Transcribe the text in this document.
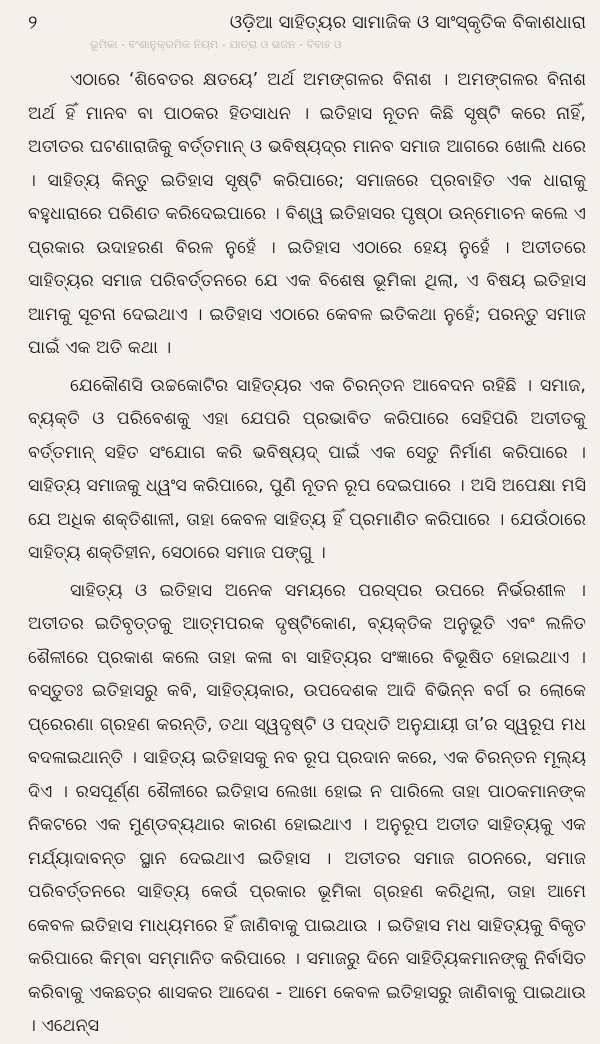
୨	ଓଡ଼ିଆ ସାହିତ୍ୟର ସାମାଜିକ ଓ ସାଂସ୍କୃତିକ ବିକାଶଧାରା
ଭୂମିକା - ବଂଶାନୁକ୍ରମିକ ନିୟମ - ଯାତ୍ରା ଓ ଭଜନ - ବିବାହ ଓ

ଏଠାରେ ‘ଶିବେତର କ୍ଷତୟେ’ ଅର୍ଥ ଅମଙ୍ଗଳର ବିନାଶ । ଅମଙ୍ଗଳର ବିନାଶ ଅର୍ଥ ହିଁ ମାନବ ବା ପାଠକର ହିତସାଧନ । ଇତିହାସ ନୂତନ କିଛି ସୃଷ୍ଟି କରେ ନାହିଁ, ଅତୀତର ଘଟଣାରାଜିକୁ ବର୍ତ୍ତମାନ୍ ଓ ଭବିଷ୍ୟଦ୍‌ର ମାନବ ସମାଜ ଆଗରେ ଖୋଲି ଧରେ । ସାହିତ୍ୟ କିନ୍ତୁ ଇତିହାସ ସୃଷ୍ଟି କରିପାରେ; ସମାଜରେ ପ୍ରବାହିତ ଏକ ଧାରାକୁ ବହୁଧାରାରେ ପରିଣତ କରିଦେଇପାରେ । ବିଶ୍ୱ ଇତିହାସର ପୃଷ୍ଠା ଉନ୍ମୋଚନ କଲେ ଏ ପ୍ରକାର ଉଦାହରଣ ବିରଳ ନୁହେଁ । ଇତିହାସ ଏଠାରେ ହେୟ ନୁହେଁ । ଅତୀତରେ ସାହିତ୍ୟର ସମାଜ ପରିବର୍ତ୍ତନରେ ଯେ ଏକ ବିଶେଷ ଭୂମିକା ଥିଲା, ଏ ବିଷୟ ଇତିହାସ ଆମକୁ ସୂଚନା ଦେଇଥାଏ । ଇତିହାସ ଏଠାରେ କେବଳ ଇତିକଥା ନୁହେଁ; ପରନ୍ତୁ ସମାଜ ପାଇଁ ଏକ ଅତି କଥା ।

ଯେକୌଣସି ଉଚ୍ଚକୋଟିର ସାହିତ୍ୟର ଏକ ଚିରନ୍ତନ ଆବେଦନ ରହିଛି । ସମାଜ, ବ୍ୟକ୍ତି ଓ ପରିବେଶକୁ ଏହା ଯେପରି ପ୍ରଭାବିତ କରିପାରେ ସେହିପରି ଅତୀତକୁ ବର୍ତ୍ତମାନ୍ ସହିତ ସଂଯୋଗ କରି ଭବିଷ୍ୟଦ୍ ପାଇଁ ଏକ ସେତୁ ନିର୍ମାଣ କରିପାରେ । ସାହିତ୍ୟ ସମାଜକୁ ଧ୍ୱଂସ କରିପାରେ, ପୁଣି ନୂତନ ରୂପ ଦେଇପାରେ । ଅସି ଅପେକ୍ଷା ମସି ଯେ ଅଧିକ ଶକ୍ତିଶାଳୀ, ତାହା କେବଳ ସାହିତ୍ୟ ହିଁ ପ୍ରମାଣିତ କରିପାରେ । ଯେଉଁଠାରେ ସାହିତ୍ୟ ଶକ୍ତିହୀନ, ସେଠାରେ ସମାଜ ପଙ୍ଗୁ ।

ସାହିତ୍ୟ ଓ ଇତିହାସ ଅନେକ ସମୟରେ ପରସ୍ପର ଉପରେ ନିର୍ଭରଶୀଳ । ଅତୀତର ଇତିବୃତ୍ତକୁ ଆତ୍ମପରକ ଦୃଷ୍ଟିକୋଣ, ବ୍ୟକ୍ତିକ ଅନୁଭୂତି ଏବଂ ଲଳିତ ଶୈଳୀରେ ପ୍ରକାଶ କଲେ ତାହା କଳା ବା ସାହିତ୍ୟର ସଂଜ୍ଞାରେ ବିଭୂଷିତ ହୋଇଥାଏ । ବସ୍ତୁତଃ ଇତିହାସରୁ କବି, ସାହିତ୍ୟକାର, ଉପଦେଶକ ଆଦି ବିଭିନ୍ନ ବର୍ଗ ର ଲୋକେ ପ୍ରେରଣା ଗ୍ରହଣ କରନ୍ତି, ତଥା ସ୍ୱଦୃଷ୍ଟି ଓ ପଦ୍ଧତି ଅନୁଯାୟୀ ତା’ର ସ୍ୱରୂପ ମଧ ବଦଳାଇଥାନ୍ତି । ସାହିତ୍ୟ ଇତିହାସକୁ ନବ ରୂପ ପ୍ରଦାନ କରେ, ଏକ ଚିରନ୍ତନ ମୂଲ୍ୟ ଦିଏ । ରସପୂର୍ଣ୍ଣ ଶୈଳୀରେ ଇତିହାସ ଲେଖା ହୋଇ ନ ପାରିଲେ ତାହା ପାଠକମାନଙ୍କ ନିକଟରେ ଏକ ମୁଣ୍ଡବ୍ୟଥାର କାରଣ ହୋଇଥାଏ । ଅନୁରୂପ ଅତୀତ ସାହିତ୍ୟକୁ ଏକ ମର୍ଯ୍ୟାଦାବନ୍ତ ସ୍ଥାନ ଦେଇଥାଏ ଇତିହାସ । ଅତୀତର ସମାଜ ଗଠନରେ, ସମାଜ ପରିବର୍ତ୍ତନରେ ସାହିତ୍ୟ କେଉଁ ପ୍ରକାର ଭୂମିକା ଗ୍ରହଣ କରିଥିଲା, ତାହା ଆମେ କେବଳ ଇତିହାସ ମାଧ୍ୟମରେ ହିଁ ଜାଣିବାକୁ ପାଇଥାଉ । ଇତିହାସ ମଧ ସାହିତ୍ୟକୁ ବିକୃତ କରିପାରେ କିମ୍ବା ସମ୍ମାନିତ କରିପାରେ । ସମାଜରୁ ଦିନେ ସାହିତ୍ୟିକମାନଙ୍କୁ ନିର୍ବାସିତ କରିବାକୁ ଏକଛତ୍ର ଶାସକର ଆଦେଶ - ଆମେ କେବଳ ଇତିହାସରୁ ଜାଣିବାକୁ ପାଇଥାଉ । ଏଥେନ୍ସ
